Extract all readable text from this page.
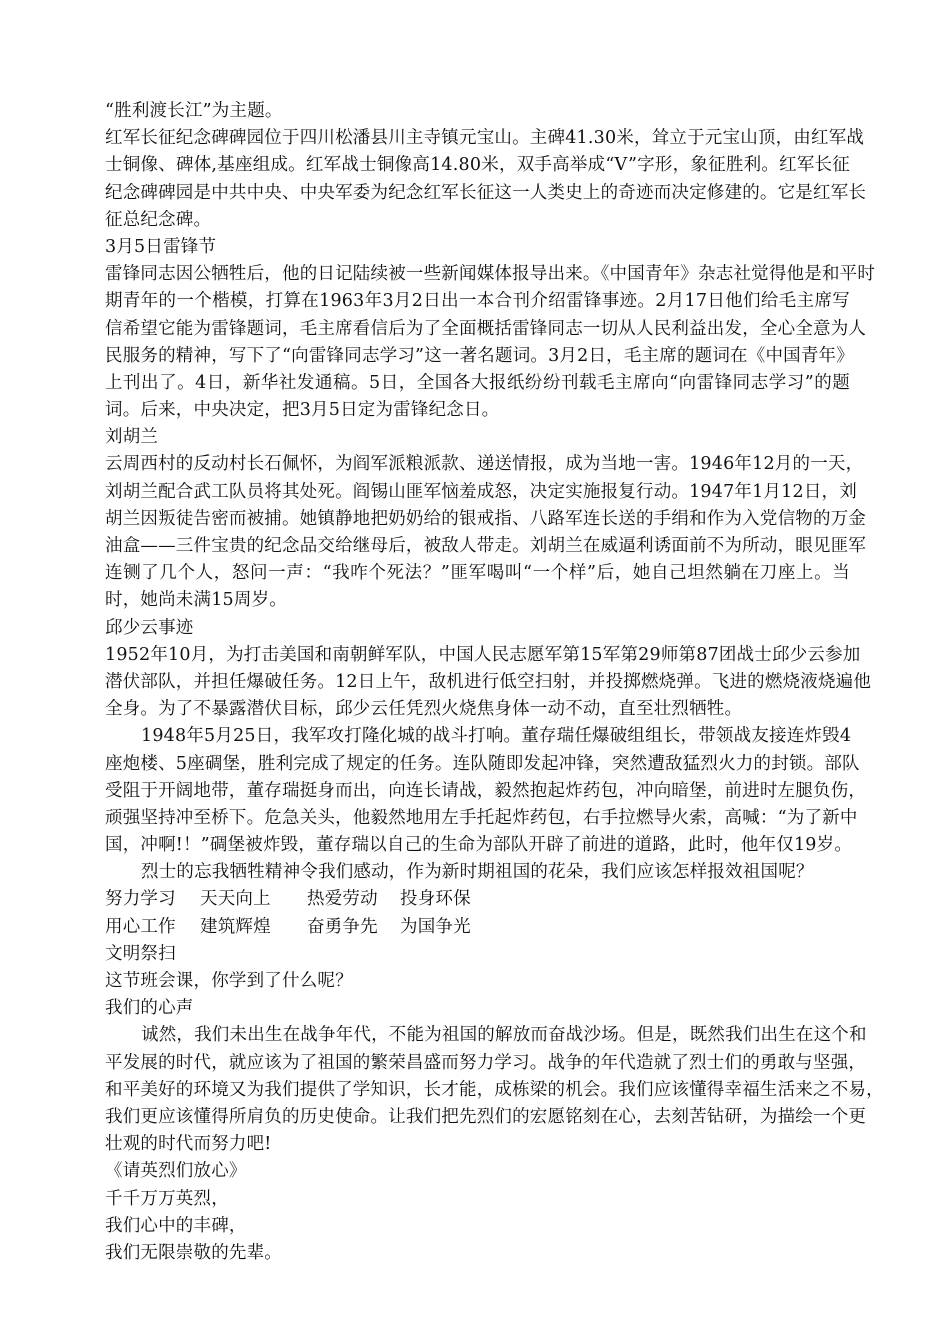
“胜利渡长江”为主题。
红军长征纪念碑碑园位于四川松潘县川主寺镇元宝山。主碑41.30米，耸立于元宝山顶，由红军战
士铜像、碑体,基座组成。红军战士铜像高14.80米，双手高举成“V”字形，象征胜利。红军长征
纪念碑碑园是中共中央、中央军委为纪念红军长征这一人类史上的奇迹而决定修建的。它是红军长
征总纪念碑。
3月5日雷锋节
雷锋同志因公牺牲后，他的日记陆续被一些新闻媒体报导出来。《中国青年》杂志社觉得他是和平时
期青年的一个楷模，打算在1963年3月2日出一本合刊介绍雷锋事迹。2月17日他们给毛主席写
信希望它能为雷锋题词，毛主席看信后为了全面概括雷锋同志一切从人民利益出发，全心全意为人
民服务的精神，写下了“向雷锋同志学习”这一著名题词。3月2日，毛主席的题词在《中国青年》
上刊出了。4日，新华社发通稿。5日，全国各大报纸纷纷刊载毛主席向“向雷锋同志学习”的题
词。后来，中央决定，把3月5日定为雷锋纪念日。
刘胡兰
云周西村的反动村长石佩怀，为阎军派粮派款、递送情报，成为当地一害。1946年12月的一天，
刘胡兰配合武工队员将其处死。阎锡山匪军恼羞成怒，决定实施报复行动。1947年1月12日，刘
胡兰因叛徒告密而被捕。她镇静地把奶奶给的银戒指、八路军连长送的手绢和作为入党信物的万金
油盒——三件宝贵的纪念品交给继母后，被敌人带走。刘胡兰在威逼利诱面前不为所动，眼见匪军
连铡了几个人，怒问一声：“我咋个死法？”匪军喝叫“一个样”后，她自己坦然躺在刀座上。当
时，她尚未满15周岁。
邱少云事迹
1952年10月，为打击美国和南朝鲜军队，中国人民志愿军第15军第29师第87团战士邱少云参加
潜伏部队，并担任爆破任务。12日上午，敌机进行低空扫射，并投掷燃烧弹。飞进的燃烧液烧遍他
全身。为了不暴露潜伏目标，邱少云任凭烈火烧焦身体一动不动，直至壮烈牺牲。
1948年5月25日，我军攻打隆化城的战斗打响。董存瑞任爆破组组长，带领战友接连炸毁4
座炮楼、5座碉堡，胜利完成了规定的任务。连队随即发起冲锋，突然遭敌猛烈火力的封锁。部队
受阻于开阔地带，董存瑞挺身而出，向连长请战，毅然抱起炸药包，冲向暗堡，前进时左腿负伤，
顽强坚持冲至桥下。危急关头，他毅然地用左手托起炸药包，右手拉燃导火索，高喊：“为了新中
国，冲啊!！”碉堡被炸毁，董存瑞以自己的生命为部队开辟了前进的道路，此时，他年仅19岁。
烈士的忘我牺牲精神令我们感动，作为新时期祖国的花朵，我们应该怎样报效祖国呢？
努力学习	天天向上	热爱劳动	投身环保
用心工作	建筑辉煌	奋勇争先	为国争光
文明祭扫
这节班会课，你学到了什么呢？
我们的心声
诚然，我们未出生在战争年代，不能为祖国的解放而奋战沙场。但是，既然我们出生在这个和
平发展的时代，就应该为了祖国的繁荣昌盛而努力学习。战争的年代造就了烈士们的勇敢与坚强，
和平美好的环境又为我们提供了学知识，长才能，成栋梁的机会。我们应该懂得幸福生活来之不易，
我们更应该懂得所肩负的历史使命。让我们把先烈们的宏愿铭刻在心，去刻苦钻研，为描绘一个更
壮观的时代而努力吧!
《请英烈们放心》
千千万万英烈，
我们心中的丰碑，
我们无限崇敬的先辈。
